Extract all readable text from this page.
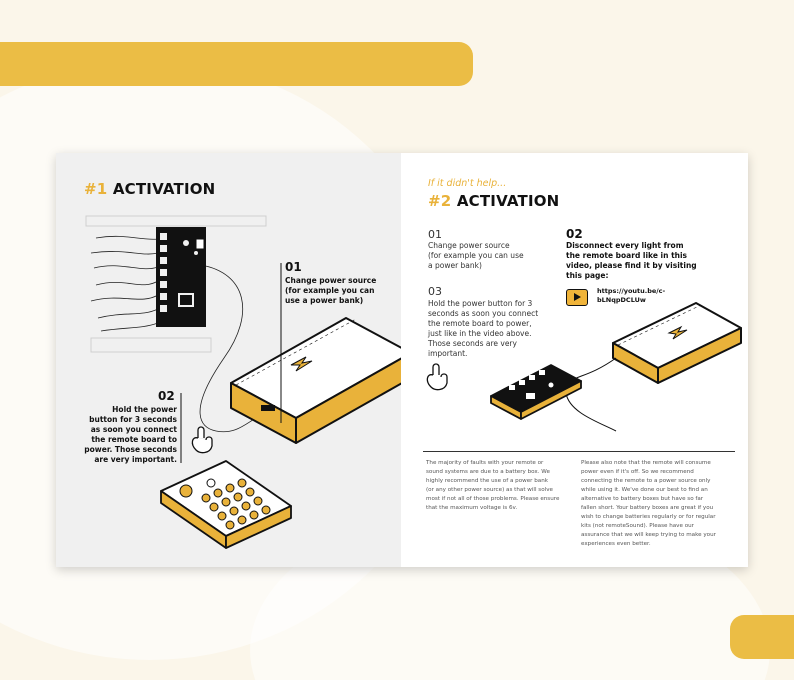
#1 ACTIVATION
01
Change power source
(for example you can
use a power bank)
02
Hold the power
button for 3 seconds
as soon you connect
the remote board to
power. Those seconds
are very important.
If it didn't help...
#2 ACTIVATION
01
Change power source
(for example you can use
a power bank)
02
Disconnect every light from
the remote board like in this
video, please find it by visiting
this page:
https://youtu.be/c-
bLNqpDCLUw
03
Hold the power button for 3
seconds as soon you connect
the remote board to power,
just like in the video above.
Those seconds are very
important.
The majority of faults with your remote or
sound systems are due to a battery box. We
highly recommend the use of a power bank
(or any other power source) as that will solve
most if not all of those problems. Please ensure
that the maximum voltage is 6v.
Please also note that the remote will consume
power even if it's off. So we recommend
connecting the remote to a power source only
while using it. We've done our best to find an
alternative to battery boxes but have so far
fallen short. Your battery boxes are great if you
wish to change batteries regularly or for regular
kits (not remoteSound). Please have our
assurance that we will keep trying to make your
experiences even better.
